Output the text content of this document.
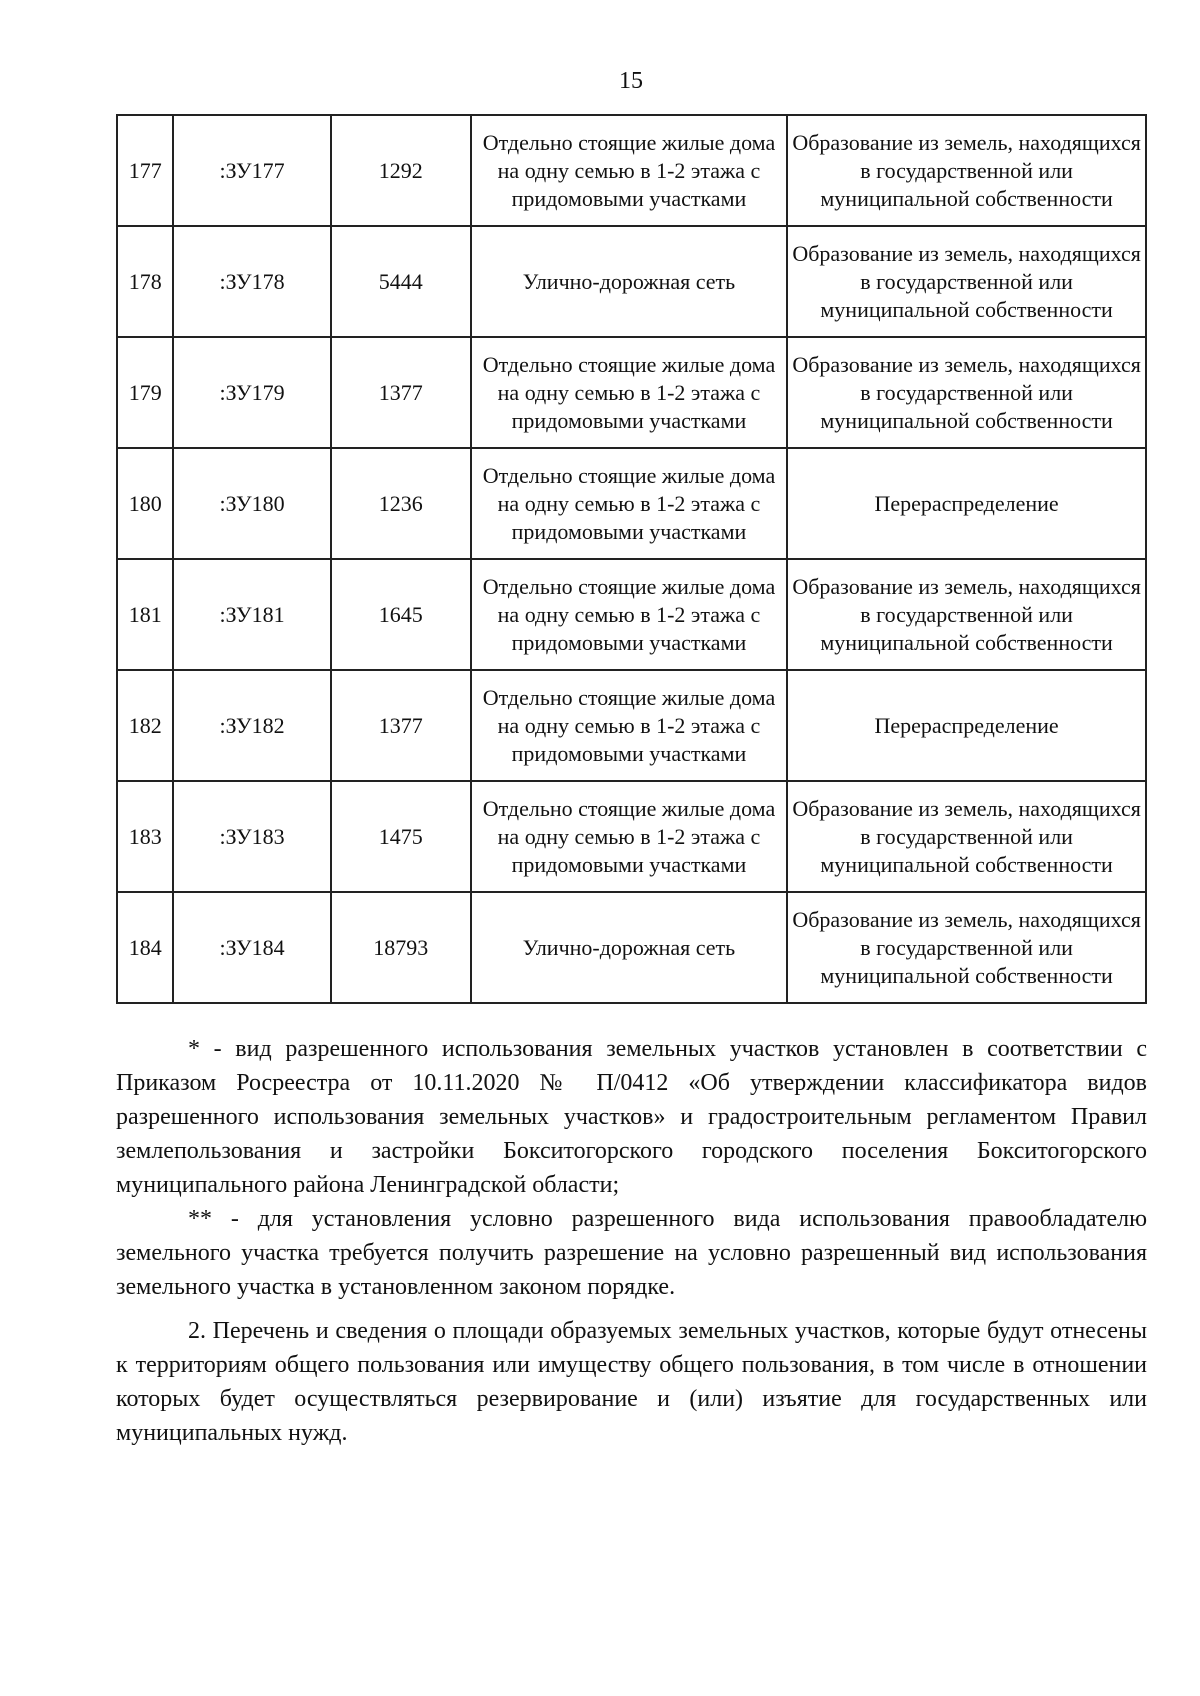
15
177	:ЗУ177	1292	Отдельно стоящие жилые дома на одну семью в 1-2 этажа с придомовыми участками	Образование из земель, находящихся в государственной или муниципальной собственности
178	:ЗУ178	5444	Улично-дорожная сеть	Образование из земель, находящихся в государственной или муниципальной собственности
179	:ЗУ179	1377	Отдельно стоящие жилые дома на одну семью в 1-2 этажа с придомовыми участками	Образование из земель, находящихся в государственной или муниципальной собственности
180	:ЗУ180	1236	Отдельно стоящие жилые дома на одну семью в 1-2 этажа с придомовыми участками	Перераспределение
181	:ЗУ181	1645	Отдельно стоящие жилые дома на одну семью в 1-2 этажа с придомовыми участками	Образование из земель, находящихся в государственной или муниципальной собственности
182	:ЗУ182	1377	Отдельно стоящие жилые дома на одну семью в 1-2 этажа с придомовыми участками	Перераспределение
183	:ЗУ183	1475	Отдельно стоящие жилые дома на одну семью в 1-2 этажа с придомовыми участками	Образование из земель, находящихся в государственной или муниципальной собственности
184	:ЗУ184	18793	Улично-дорожная сеть	Образование из земель, находящихся в государственной или муниципальной собственности

* - вид разрешенного использования земельных участков установлен в соответствии с Приказом Росреестра от 10.11.2020 № П/0412 «Об утверждении классификатора видов разрешенного использования земельных участков» и градостроительным регламентом Правил землепользования и застройки Бокситогорского городского поселения Бокситогорского муниципального района Ленинградской области;

** - для установления условно разрешенного вида использования правообладателю земельного участка требуется получить разрешение на условно разрешенный вид использования земельного участка в установленном законом порядке.

2. Перечень и сведения о площади образуемых земельных участков, которые будут отнесены к территориям общего пользования или имуществу общего пользования, в том числе в отношении которых будет осуществляться резервирование и (или) изъятие для государственных или муниципальных нужд.
